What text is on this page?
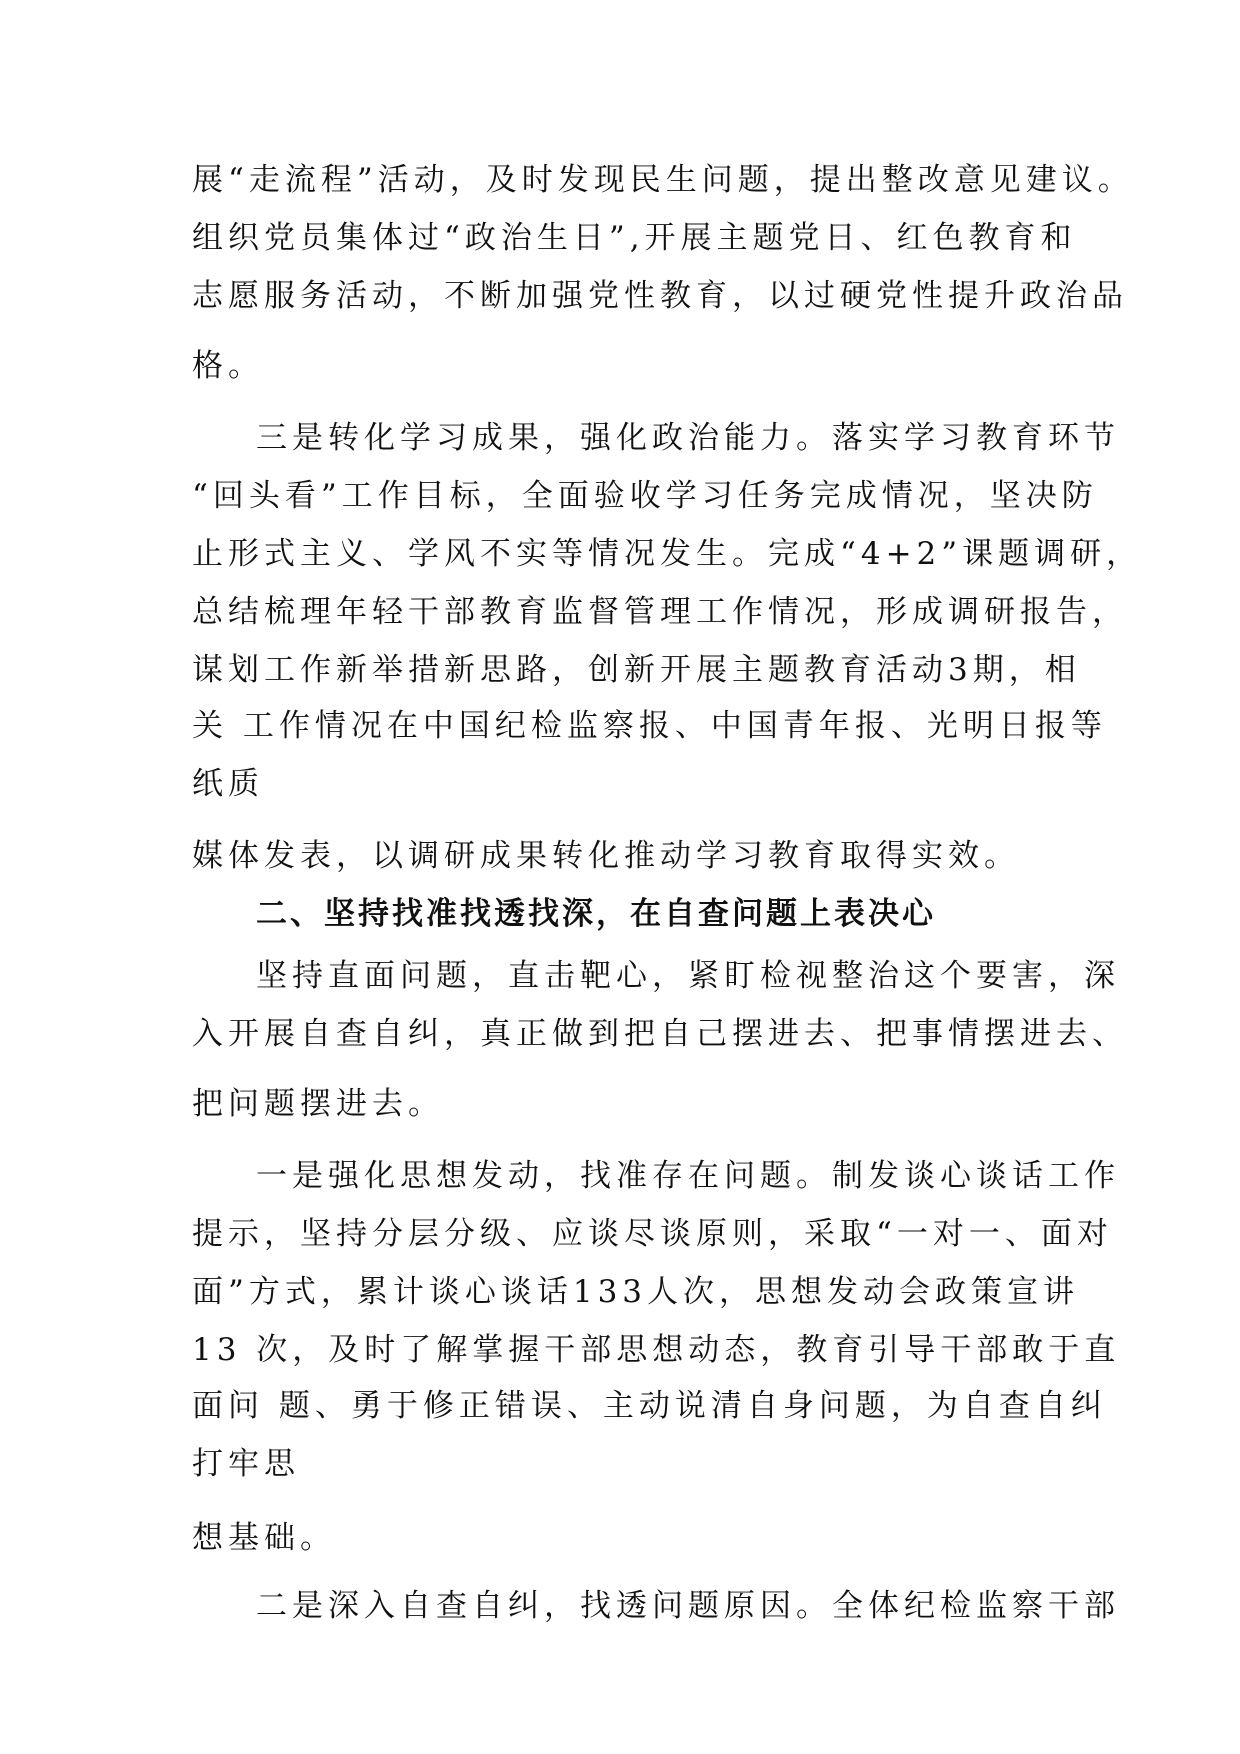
展“走流程”活动，及时发现民生问题，提出整改意见建议。
组织党员集体过“政治生日”,开展主题党日、红色教育和
志愿服务活动，不断加强党性教育，以过硬党性提升政治品
格。
三是转化学习成果，强化政治能力。落实学习教育环节
“回头看”工作目标，全面验收学习任务完成情况，坚决防
止形式主义、学风不实等情况发生。完成“4+2”课题调研，
总结梳理年轻干部教育监督管理工作情况，形成调研报告，
谋划工作新举措新思路，创新开展主题教育活动3期，相
关 工作情况在中国纪检监察报、中国青年报、光明日报等
纸质
媒体发表，以调研成果转化推动学习教育取得实效。
二、坚持找准找透找深，在自查问题上表决心
坚持直面问题，直击靶心，紧盯检视整治这个要害，深
入开展自查自纠，真正做到把自己摆进去、把事情摆进去、
把问题摆进去。
一是强化思想发动，找准存在问题。制发谈心谈话工作
提示，坚持分层分级、应谈尽谈原则，采取“一对一、面对
面”方式，累计谈心谈话133人次，思想发动会政策宣讲
13 次，及时了解掌握干部思想动态，教育引导干部敢于直
面问 题、勇于修正错误、主动说清自身问题，为自查自纠
打牢思
想基础。
二是深入自查自纠，找透问题原因。全体纪检监察干部
